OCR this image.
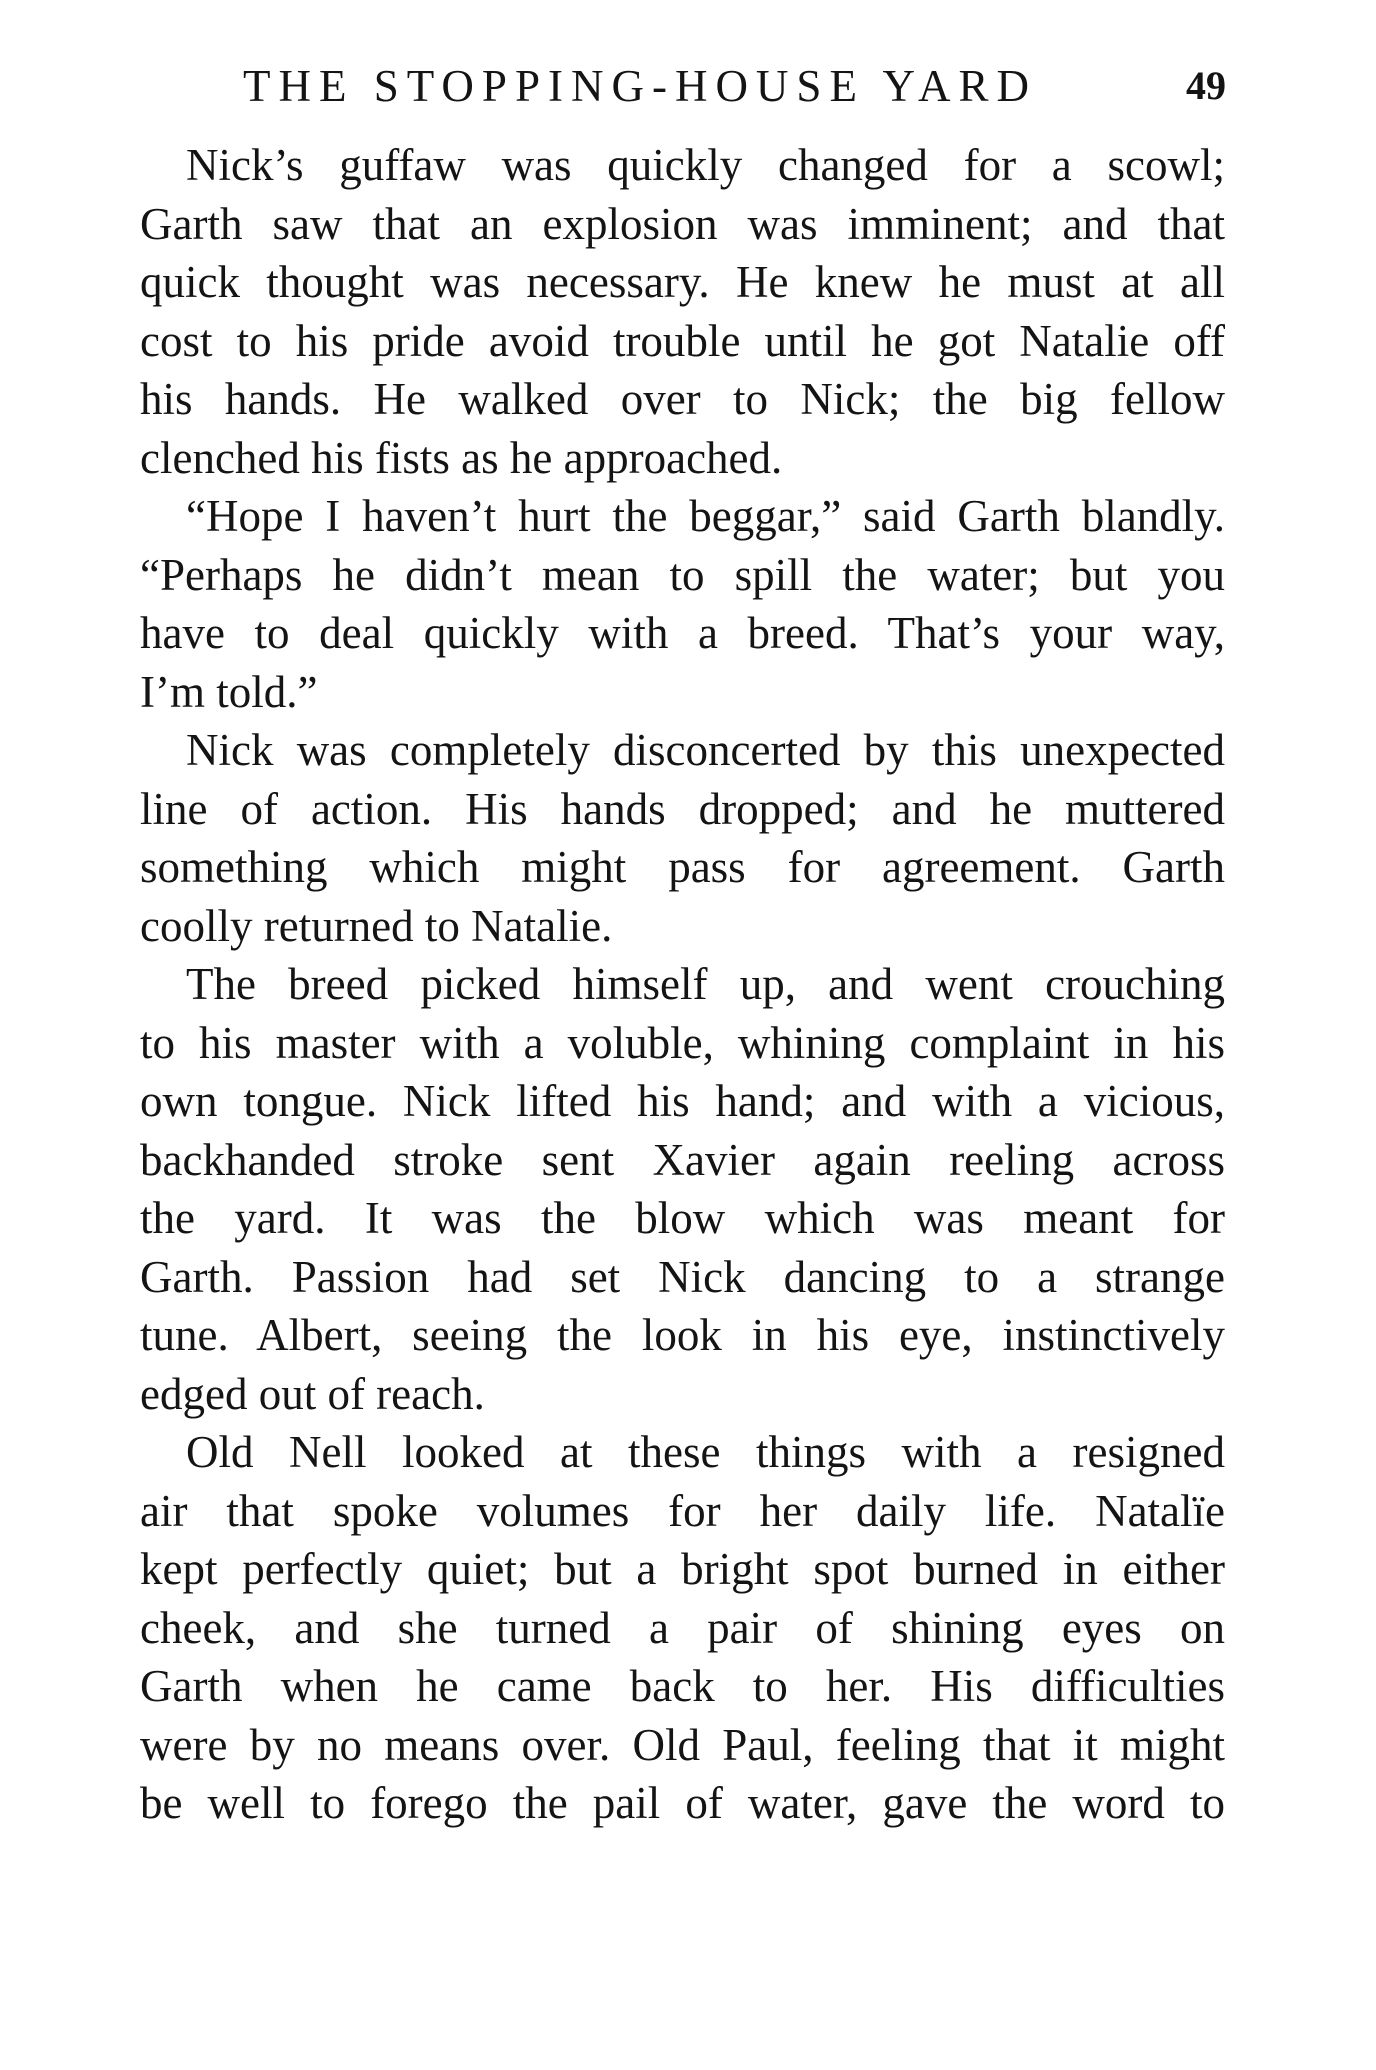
THE STOPPING-HOUSE YARD	49

Nick’s guffaw was quickly changed for a scowl;
Garth saw that an explosion was imminent; and that
quick thought was necessary. He knew he must at all
cost to his pride avoid trouble until he got Natalie off
his hands. He walked over to Nick; the big fellow
clenched his fists as he approached.

“Hope I haven’t hurt the beggar,” said Garth blandly.
“Perhaps he didn’t mean to spill the water; but you
have to deal quickly with a breed. That’s your way,
I’m told.”

Nick was completely disconcerted by this unexpected
line of action. His hands dropped; and he muttered
something which might pass for agreement. Garth
coolly returned to Natalie.

The breed picked himself up, and went crouching
to his master with a voluble, whining complaint in his
own tongue. Nick lifted his hand; and with a vicious,
backhanded stroke sent Xavier again reeling across
the yard. It was the blow which was meant for
Garth. Passion had set Nick dancing to a strange
tune. Albert, seeing the look in his eye, instinctively
edged out of reach.

Old Nell looked at these things with a resigned
air that spoke volumes for her daily life. Natalïe
kept perfectly quiet; but a bright spot burned in either
cheek, and she turned a pair of shining eyes on
Garth when he came back to her. His difficulties
were by no means over. Old Paul, feeling that it might
be well to forego the pail of water, gave the word to
